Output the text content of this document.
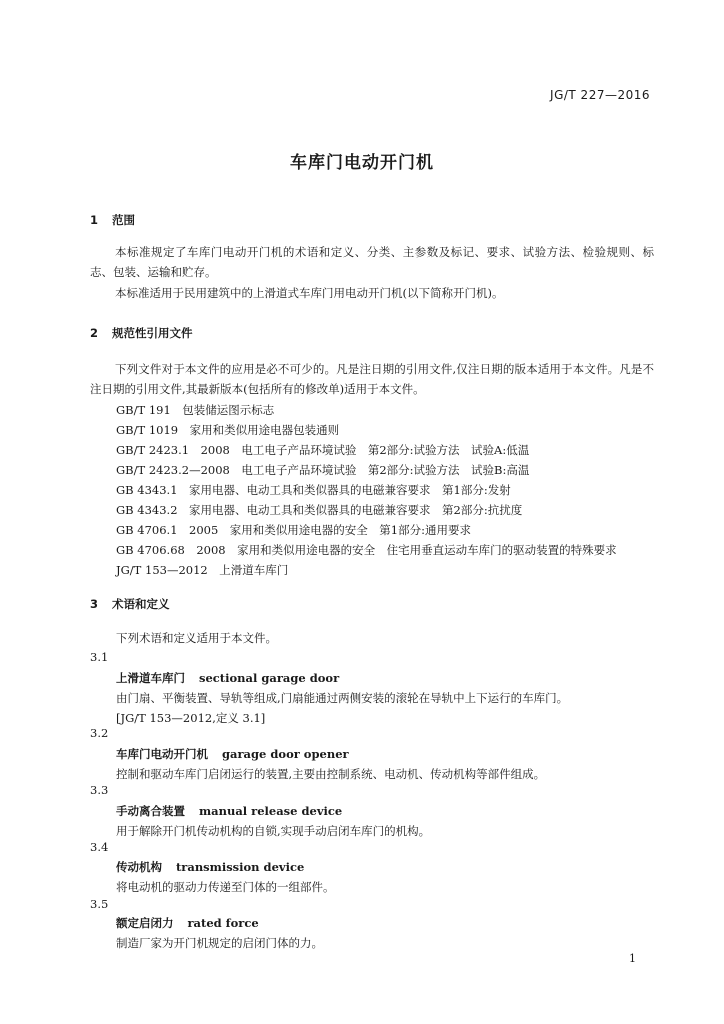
JG/T 227—2016
车库门电动开门机
1 范围
本标准规定了车库门电动开门机的术语和定义、分类、主参数及标记、要求、试验方法、检验规则、标志、包装、运输和贮存。
本标准适用于民用建筑中的上滑道式车库门用电动开门机(以下简称开门机)。
2 规范性引用文件
下列文件对于本文件的应用是必不可少的。凡是注日期的引用文件,仅注日期的版本适用于本文件。凡是不注日期的引用文件,其最新版本(包括所有的修改单)适用于本文件。
GB/T 191　包装储运图示标志
GB/T 1019　家用和类似用途电器包装通则
GB/T 2423.1　2008　电工电子产品环境试验　第2部分:试验方法　试验A:低温
GB/T 2423.2—2008　电工电子产品环境试验　第2部分:试验方法　试验B:高温
GB 4343.1　家用电器、电动工具和类似器具的电磁兼容要求　第1部分:发射
GB 4343.2　家用电器、电动工具和类似器具的电磁兼容要求　第2部分:抗扰度
GB 4706.1　2005　家用和类似用途电器的安全　第1部分:通用要求
GB 4706.68　2008　家用和类似用途电器的安全　住宅用垂直运动车库门的驱动装置的特殊要求
JG/T 153—2012　上滑道车库门
3 术语和定义
下列术语和定义适用于本文件。
3.1
上滑道车库门 sectional garage door
由门扇、平衡装置、导轨等组成,门扇能通过两侧安装的滚轮在导轨中上下运行的车库门。
[JG/T 153—2012,定义 3.1]
3.2
车库门电动开门机 garage door opener
控制和驱动车库门启闭运行的装置,主要由控制系统、电动机、传动机构等部件组成。
3.3
手动离合装置 manual release device
用于解除开门机传动机构的自锁,实现手动启闭车库门的机构。
3.4
传动机构 transmission device
将电动机的驱动力传递至门体的一组部件。
3.5
额定启闭力 rated force
制造厂家为开门机规定的启闭门体的力。
1
